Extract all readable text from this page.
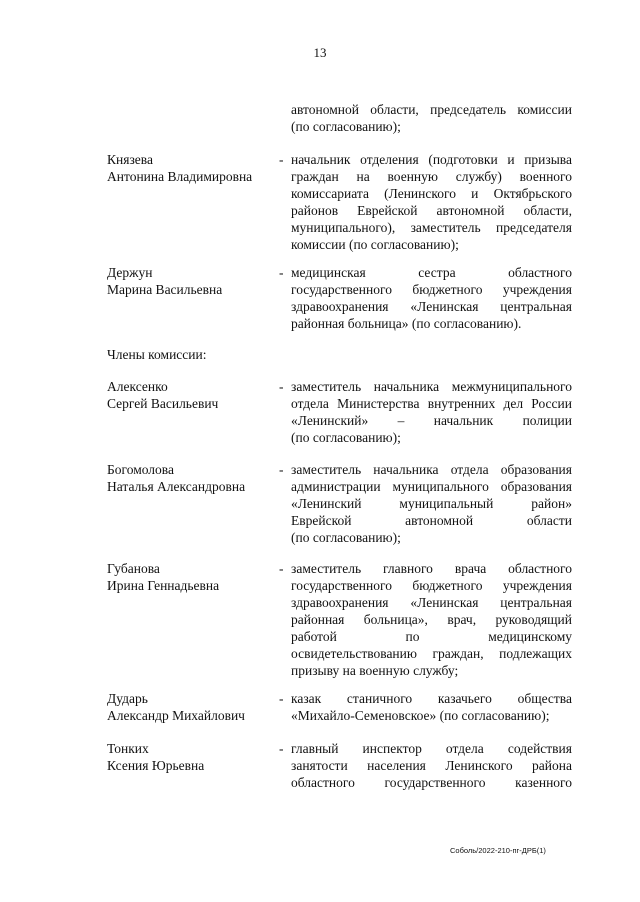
13
автономной области, председатель комиссии
(по согласованию);
Князева
Антонина Владимировна
- начальник отделения (подготовки и призыва
граждан на военную службу) военного
комиссариата (Ленинского и Октябрьского
районов Еврейской автономной области,
муниципального), заместитель председателя
комиссии (по согласованию);
Держун
Марина Васильевна
- медицинская сестра областного
государственного бюджетного учреждения
здравоохранения «Ленинская центральная
районная больница» (по согласованию).
Члены комиссии:
Алексенко
Сергей Васильевич
- заместитель начальника межмуниципального
отдела Министерства внутренних дел России
«Ленинский» – начальник полиции
(по согласованию);
Богомолова
Наталья Александровна
- заместитель начальника отдела образования
администрации муниципального образования
«Ленинский муниципальный район»
Еврейской автономной области
(по согласованию);
Губанова
Ирина Геннадьевна
- заместитель главного врача областного
государственного бюджетного учреждения
здравоохранения «Ленинская центральная
районная больница», врач, руководящий
работой по медицинскому
освидетельствованию граждан, подлежащих
призыву на военную службу;
Дударь
Александр Михайлович
- казак станичного казачьего общества
«Михайло-Семеновское» (по согласованию);
Тонких
Ксения Юрьевна
- главный инспектор отдела содействия
занятости населения Ленинского района
областного государственного казенного
Соболь/2022-210-пг-ДРБ(1)
